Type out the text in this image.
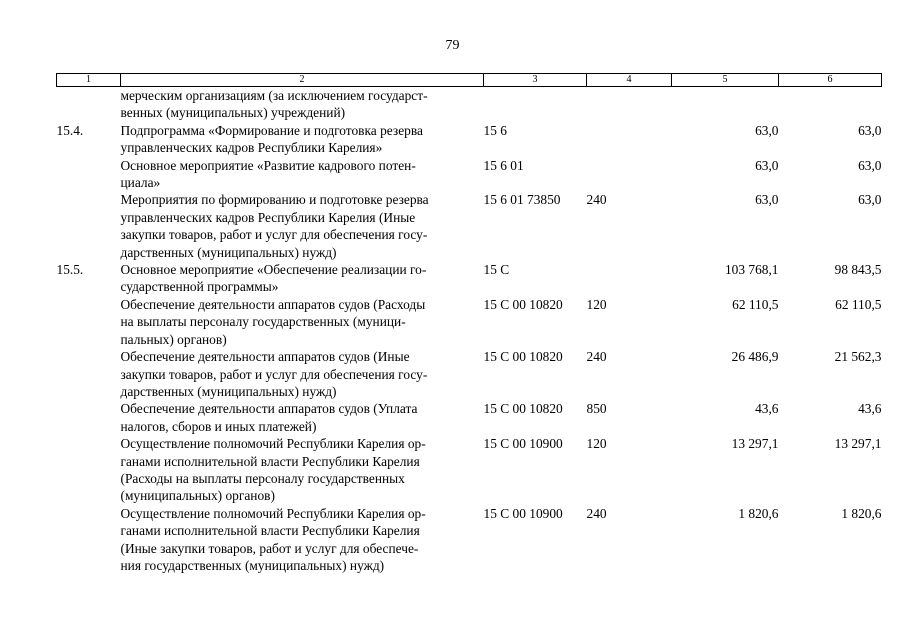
79
1	2	3	4	5	6

	мерческим организациям (за исключением государст-
венных (муниципальных) учреждений)				

15.4.	Подпрограмма «Формирование и подготовка резерва
управленческих кадров Республики Карелия»	15 6		63,0	63,0

	Основное мероприятие «Развитие кадрового потен-
циала»	15 6 01		63,0	63,0

	Мероприятия по формированию и подготовке резерва
управленческих кадров Республики Карелия (Иные
закупки товаров, работ и услуг для обеспечения госу-
дарственных (муниципальных) нужд)	15 6 01 73850	240	63,0	63,0
15.5.	Основное мероприятие «Обеспечение реализации го-
сударственной программы»	15 С		103 768,1	98 843,5

	Обеспечение деятельности аппаратов судов (Расходы
на выплаты персоналу государственных (муници-
пальных) органов)	15 С 00 10820	120	62 110,5	62 110,5

	Обеспечение деятельности аппаратов судов (Иные
закупки товаров, работ и услуг для обеспечения госу-
дарственных (муниципальных) нужд)	15 С 00 10820	240	26 486,9	21 562,3

	Обеспечение деятельности аппаратов судов (Уплата
налогов, сборов и иных платежей)	15 С 00 10820	850	43,6	43,6

	Осуществление полномочий Республики Карелия ор-
ганами исполнительной власти Республики Карелия
(Расходы на выплаты персоналу государственных
(муниципальных) органов)	15 С 00 10900	120	13 297,1	13 297,1

	Осуществление полномочий Республики Карелия ор-
ганами исполнительной власти Республики Карелия
(Иные закупки товаров, работ и услуг для обеспече-
ния государственных (муниципальных) нужд)	15 С 00 10900	240	1 820,6	1 820,6
